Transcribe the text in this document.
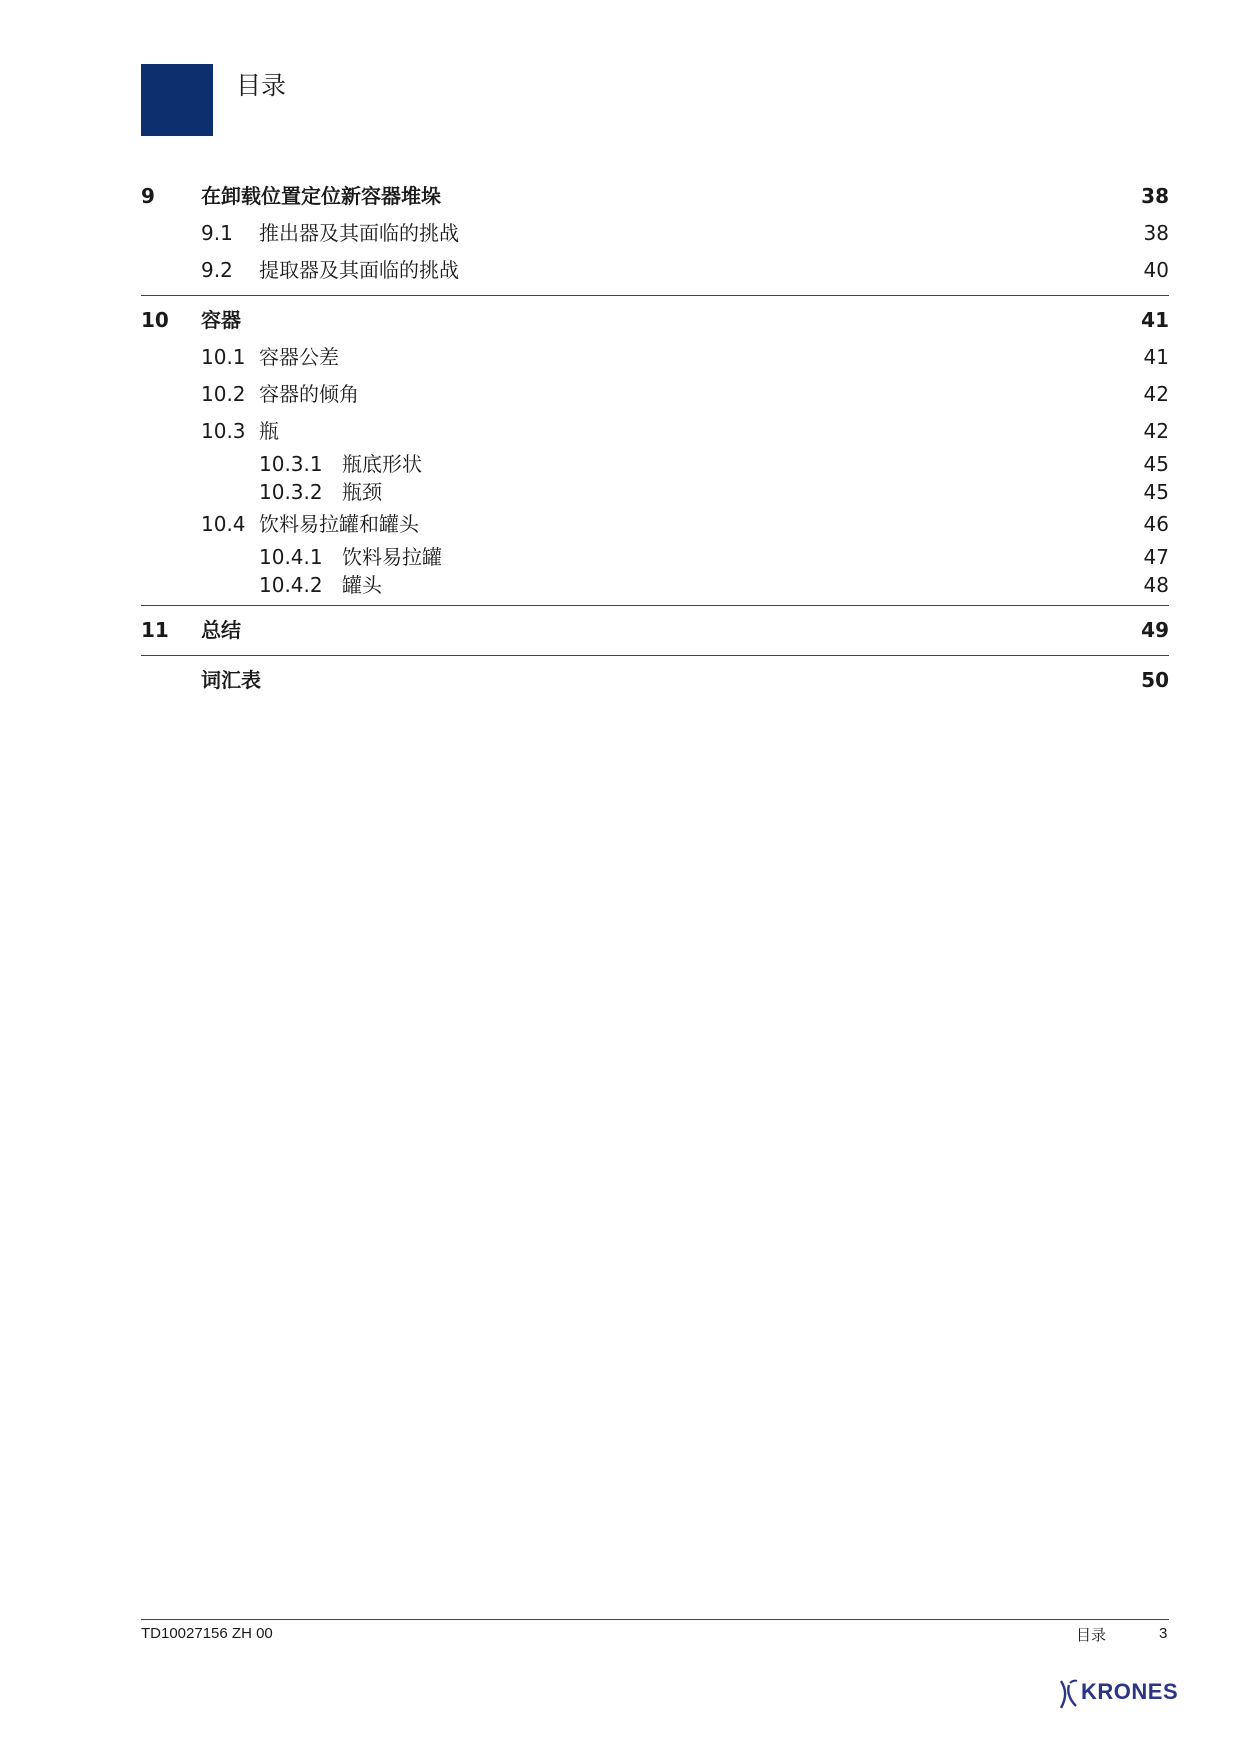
目录
9 在卸载位置定位新容器堆垛	38
9.1 推出器及其面临的挑战	38
9.2 提取器及其面临的挑战	40
10 容器	41
10.1 容器公差	41
10.2 容器的倾角	42
10.3 瓶	42
10.3.1 瓶底形状	45
10.3.2 瓶颈	45
10.4 饮料易拉罐和罐头	46
10.4.1 饮料易拉罐	47
10.4.2 罐头	48
11 总结	49
词汇表	50
TD10027156 ZH 00	目录	3
KRONES
